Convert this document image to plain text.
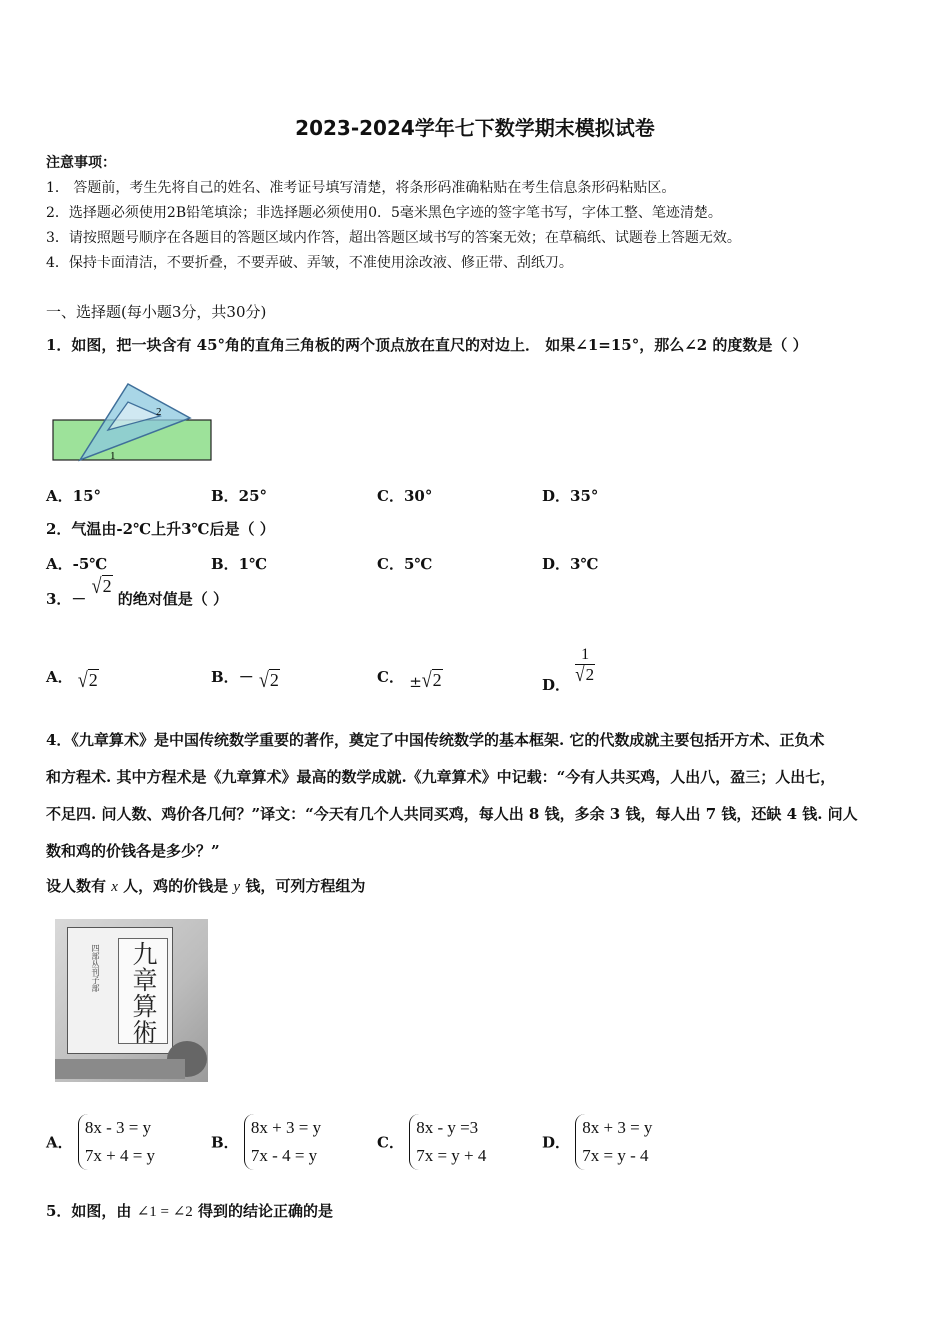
2023-2024学年七下数学期末模拟试卷
注意事项：
1． 答题前，考生先将自己的姓名、准考证号填写清楚，将条形码准确粘贴在考生信息条形码粘贴区。
2．选择题必须使用2B铅笔填涂；非选择题必须使用0．5毫米黑色字迹的签字笔书写，字体工整、笔迹清楚。
3．请按照题号顺序在各题目的答题区域内作答，超出答题区域书写的答案无效；在草稿纸、试题卷上答题无效。
4．保持卡面清洁，不要折叠，不要弄破、弄皱，不准使用涂改液、修正带、刮纸刀。
一、选择题(每小题3分，共30分)
1．如图，把一块含有 45°角的直角三角板的两个顶点放在直尺的对边上． 如果∠1=15°，那么∠2 的度数是（ ）
2
1
A．15°	B．25°	C．30°	D．35°
2．气温由-2℃上升3℃后是（ ）
A．-5℃	B．1℃	C．5℃	D．3℃
3．－ √2 的绝对值是（ ）
A． √2	B．－ √2	C． ±√2	D． $\frac{1}{√2}$
4．《九章算术》是中国传统数学重要的著作，奠定了中国传统数学的基本框架. 它的代数成就主要包括开方术、正负术
和方程术. 其中方程术是《九章算术》最高的数学成就.《九章算术》中记载：“今有人共买鸡，人出八，盈三；人出七，
不足四. 问人数、鸡价各几何？”译文：“今天有几个人共同买鸡，每人出 8 钱，多余 3 钱，每人出 7 钱，还缺 4 钱. 问人
数和鸡的价钱各是多少？”
设人数有 x 人，鸡的价钱是 y 钱，可列方程组为
九章算術
四部丛刊子部
A．
8x - 3 = y
7x + 4 = y
B．
8x + 3 = y
7x - 4 = y
C．
8x - y =3
7x = y + 4
D．
8x + 3 = y
7x = y - 4
5．如图，由 ∠1 = ∠2 得到的结论正确的是
